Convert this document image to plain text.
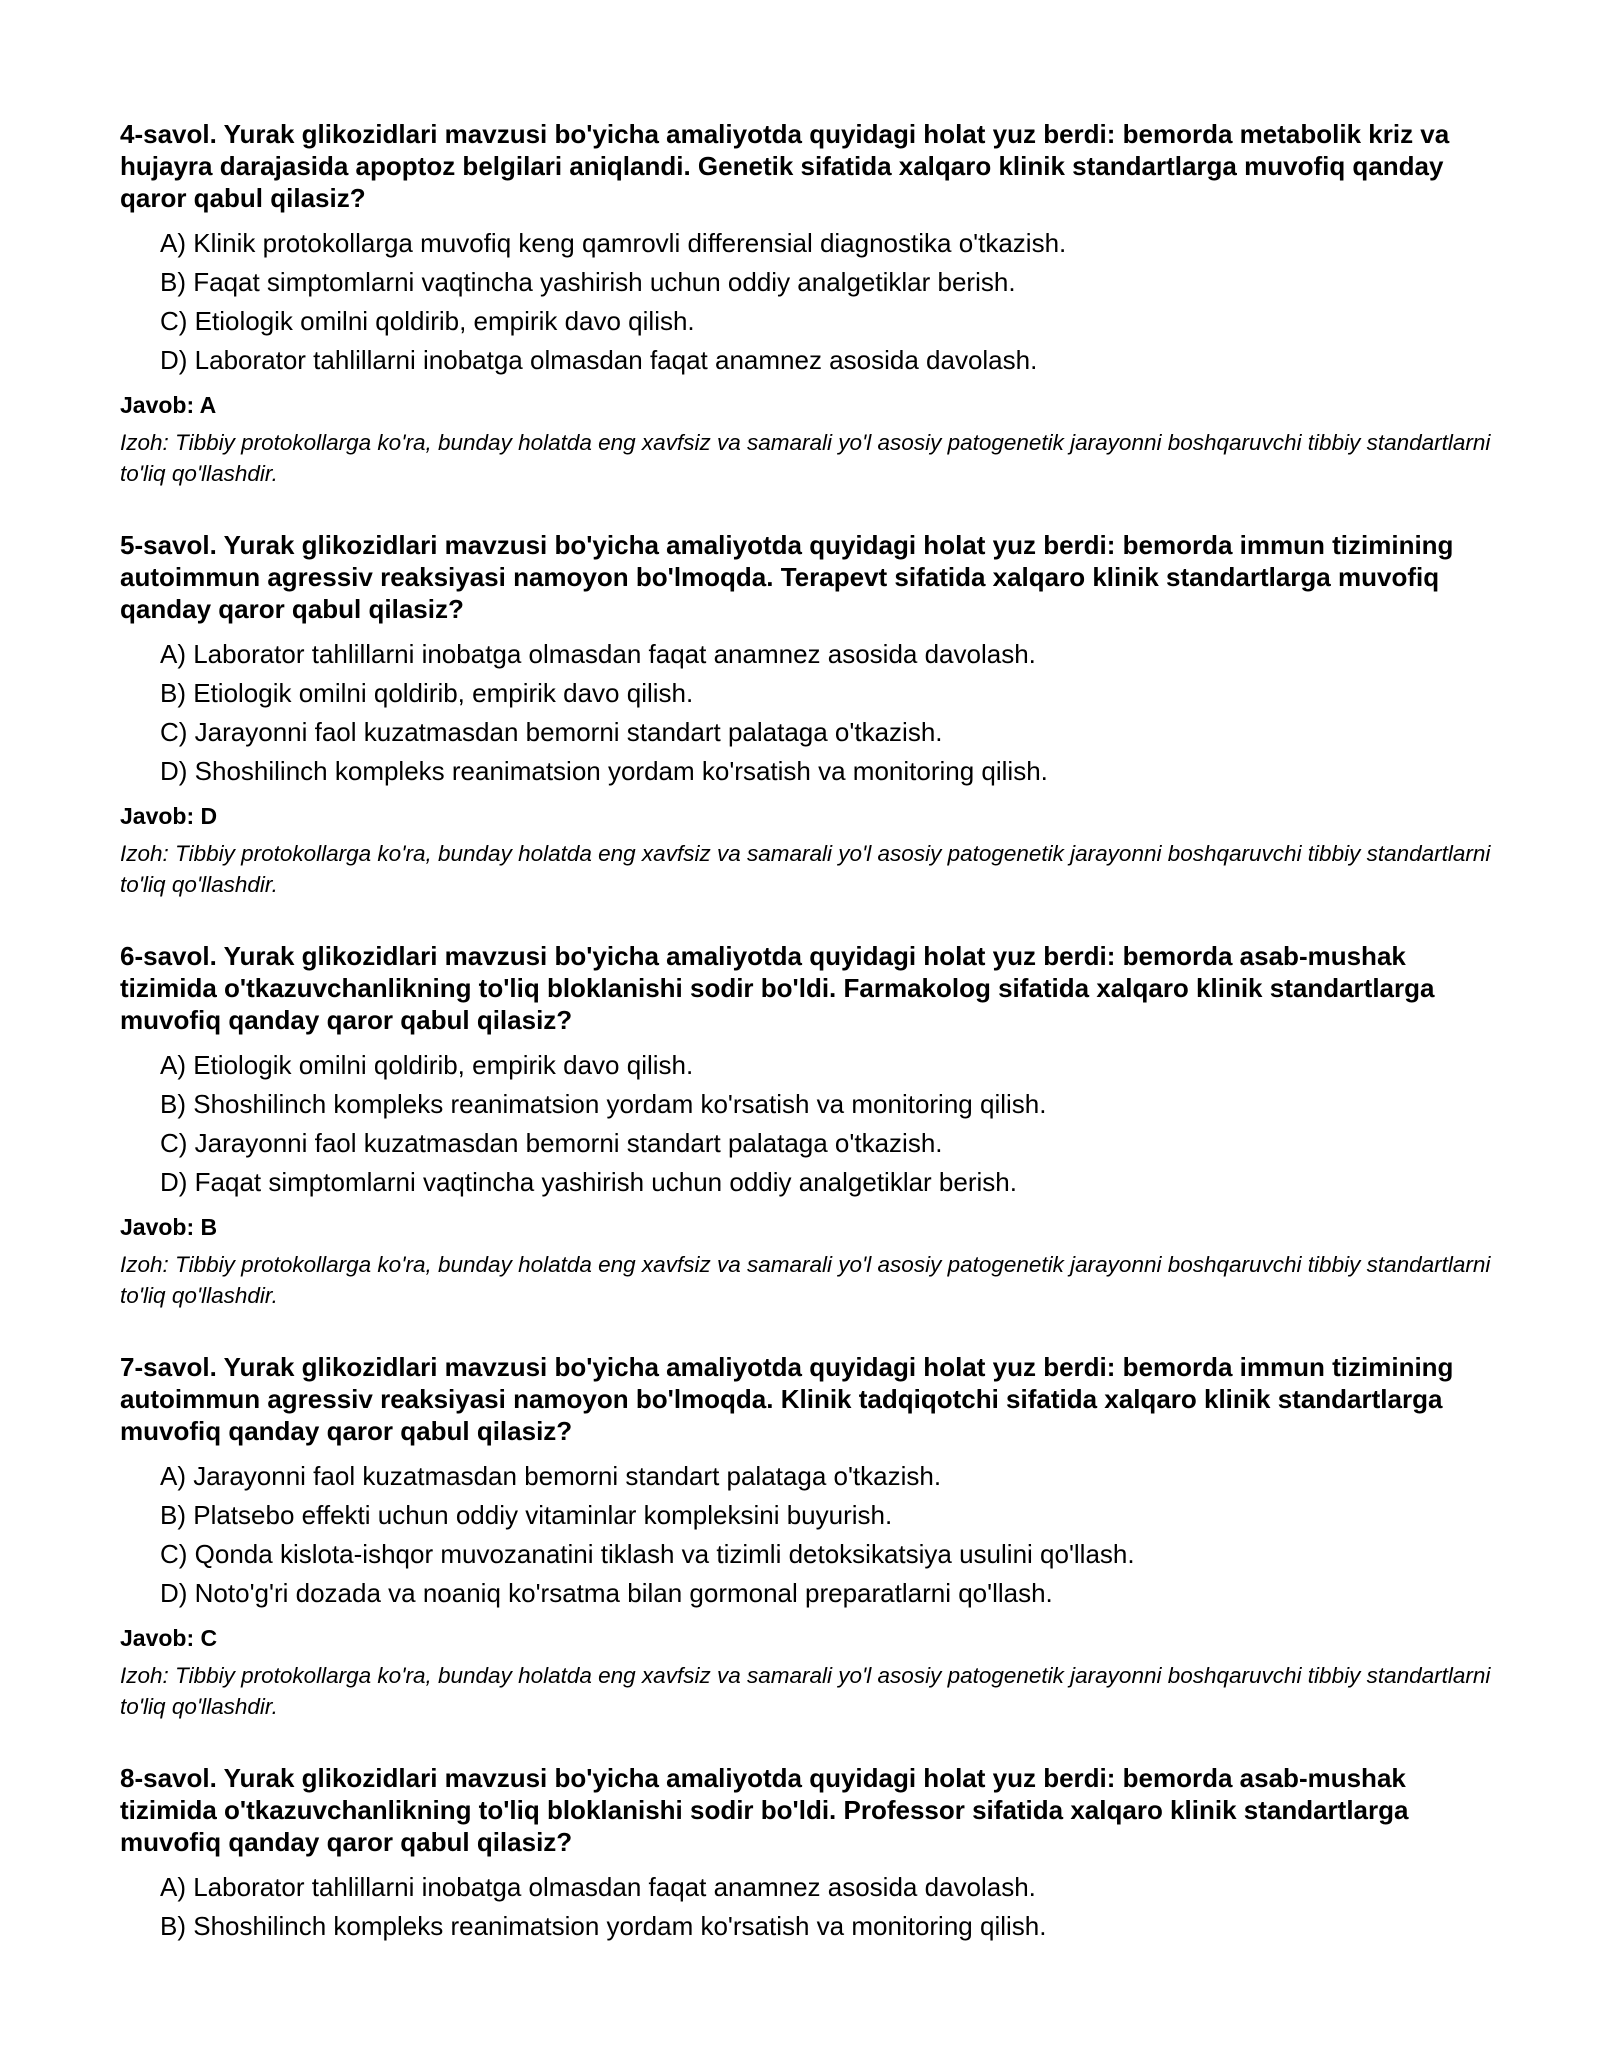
4-savol. Yurak glikozidlari mavzusi bo'yicha amaliyotda quyidagi holat yuz berdi: bemorda metabolik kriz va hujayra darajasida apoptoz belgilari aniqlandi. Genetik sifatida xalqaro klinik standartlarga muvofiq qanday qaror qabul qilasiz?
A) Klinik protokollarga muvofiq keng qamrovli differensial diagnostika o'tkazish.
B) Faqat simptomlarni vaqtincha yashirish uchun oddiy analgetiklar berish.
C) Etiologik omilni qoldirib, empirik davo qilish.
D) Laborator tahlillarni inobatga olmasdan faqat anamnez asosida davolash.
Javob: A
Izoh: Tibbiy protokollarga ko'ra, bunday holatda eng xavfsiz va samarali yo'l asosiy patogenetik jarayonni boshqaruvchi tibbiy standartlarni to'liq qo'llashdir.
5-savol. Yurak glikozidlari mavzusi bo'yicha amaliyotda quyidagi holat yuz berdi: bemorda immun tizimining autoimmun agressiv reaksiyasi namoyon bo'lmoqda. Terapevt sifatida xalqaro klinik standartlarga muvofiq qanday qaror qabul qilasiz?
A) Laborator tahlillarni inobatga olmasdan faqat anamnez asosida davolash.
B) Etiologik omilni qoldirib, empirik davo qilish.
C) Jarayonni faol kuzatmasdan bemorni standart palataga o'tkazish.
D) Shoshilinch kompleks reanimatsion yordam ko'rsatish va monitoring qilish.
Javob: D
Izoh: Tibbiy protokollarga ko'ra, bunday holatda eng xavfsiz va samarali yo'l asosiy patogenetik jarayonni boshqaruvchi tibbiy standartlarni to'liq qo'llashdir.
6-savol. Yurak glikozidlari mavzusi bo'yicha amaliyotda quyidagi holat yuz berdi: bemorda asab-mushak tizimida o'tkazuvchanlikning to'liq bloklanishi sodir bo'ldi. Farmakolog sifatida xalqaro klinik standartlarga muvofiq qanday qaror qabul qilasiz?
A) Etiologik omilni qoldirib, empirik davo qilish.
B) Shoshilinch kompleks reanimatsion yordam ko'rsatish va monitoring qilish.
C) Jarayonni faol kuzatmasdan bemorni standart palataga o'tkazish.
D) Faqat simptomlarni vaqtincha yashirish uchun oddiy analgetiklar berish.
Javob: B
Izoh: Tibbiy protokollarga ko'ra, bunday holatda eng xavfsiz va samarali yo'l asosiy patogenetik jarayonni boshqaruvchi tibbiy standartlarni to'liq qo'llashdir.
7-savol. Yurak glikozidlari mavzusi bo'yicha amaliyotda quyidagi holat yuz berdi: bemorda immun tizimining autoimmun agressiv reaksiyasi namoyon bo'lmoqda. Klinik tadqiqotchi sifatida xalqaro klinik standartlarga muvofiq qanday qaror qabul qilasiz?
A) Jarayonni faol kuzatmasdan bemorni standart palataga o'tkazish.
B) Platsebo effekti uchun oddiy vitaminlar kompleksini buyurish.
C) Qonda kislota-ishqor muvozanatini tiklash va tizimli detoksikatsiya usulini qo'llash.
D) Noto'g'ri dozada va noaniq ko'rsatma bilan gormonal preparatlarni qo'llash.
Javob: C
Izoh: Tibbiy protokollarga ko'ra, bunday holatda eng xavfsiz va samarali yo'l asosiy patogenetik jarayonni boshqaruvchi tibbiy standartlarni to'liq qo'llashdir.
8-savol. Yurak glikozidlari mavzusi bo'yicha amaliyotda quyidagi holat yuz berdi: bemorda asab-mushak tizimida o'tkazuvchanlikning to'liq bloklanishi sodir bo'ldi. Professor sifatida xalqaro klinik standartlarga muvofiq qanday qaror qabul qilasiz?
A) Laborator tahlillarni inobatga olmasdan faqat anamnez asosida davolash.
B) Shoshilinch kompleks reanimatsion yordam ko'rsatish va monitoring qilish.
